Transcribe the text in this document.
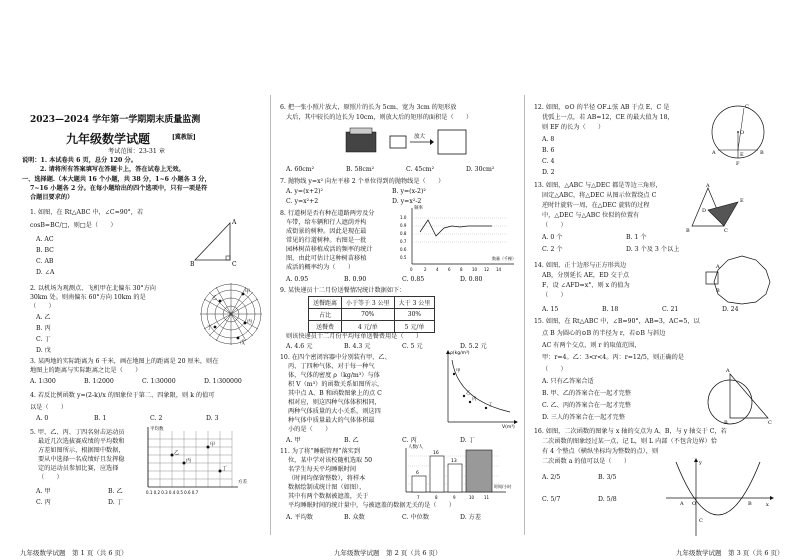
2023—2024 学年第一学期期末质量监测
九年级数学试题	[冀教版]
考试范围：23-31 章
说明：1. 本试卷共 6 页，总分 120 分。
2. 请将所有答案填写在答题卡上，答在试卷上无效。
一、选择题.（本大题共 16 个小题，共 38 分，1~6 小题各 3 分，
7~16 小题各 2 分。在每小题给出的四个选项中，只有一项是符
合题目要求的）
1. 如图，在 Rt△ABC 中，∠C=90°，若
cosB=BC/□，则□是（　　）
A. AC
B. BC
C. AB
D. ∠A
A
C
B
2. 以机场为观测点，飞机甲在北偏东 30°方向
30km 处。则南偏东 60°方向 10km 的是
（　　）
A. 乙
B. 丙
C. 丁
D. 戊
甲
乙
丙
丁
戊
3. 某两地的实际距离为 6 千米，画在地图上的距离是 20 厘米，则在
地图上的距离与实际距离之比是（　　）
A. 1∶300	B. 1∶2000	C. 1∶30000	D. 1∶300000
4. 若反比例函数 y=(2-k)/x 的图象位于第二、四象限，则 k 的值可
以是（　　）
A. 0	B. 1	C. 2	D. 3
5. 甲、乙、丙、丁四名射击运动员
最近几次选拔赛成绩的平均数和
方差如图所示，根据图中数据，
要从中选择一名成绩好且发挥稳
定的运动员参加比赛，应选择
（　　）
A. 甲	B. 乙
C. 丙	D. 丁
甲
乙
丙
丁
平均数
方差
0.1 0.2 0.3 0.4 0.5 0.6 0.7
九年级数学试题　第 1 页（共 6 页）
6. 把一张小照片放大，原照片的长为 5cm、宽为 3cm 的矩形放
大后，其中较长的边长为 10cm，则放大后的矩形的面积是（　　）
放大
A. 60cm²	B. 58cm²	C. 45cm²	D. 30cm²
7. 抛物线 y=x² 向左平移 2 个单位得到的抛物线是（　　）
A. y=(x+2)²	B. y=(x-2)²
C. y=x²+2	D. y=x²-2
8. 行道树是否有种在道路两旁及分
车带，给车辆和行人遮荫并构
成街景的树种。因此是现在最
常见的行道树种。右图是一批
园林树苗移植成活的频率的统计
图，由此可估计这种树苗移植
成活的概率约为（　　）
频率
1.0
0.9
0.8
0.7
0.6
0.5
0	2 4 6 8 10 12 14
数量（千棵）
A. 0.95	B. 0.90	C. 0.85	D. 0.80
9. 某快递员十二月份送餐情况统计数据如下：
送餐距离	小于等于 3 公里	大于 3 公里
占比	70%	30%
送餐费	4 元/单	5 元/单
则该快递员十二月份平均每单送餐费用是（　　）
A. 4.6 元	B. 4.3 元	C. 5 元	D. 5.2 元
10. 在四个密闭容器中分别装有甲、乙、
丙、丁四种气体，对于每一种气
体，气体的密度 ρ（kg/m³）与体
积 V（m³）的函数关系如图所示，
其中点 A、B 和函数图象上的点 C
相对应，则这四种气体体积相同，
两种气体质量的大小关系，则这四
种气体中质量最大的气体体积最
小的是（　　）
A. 甲	B. 乙	C. 丙	D. 丁
ρ(kg/m³)
V(m³)
甲
乙
丙
丁
11. 为了将“睡眠管理”落实到
位，某中学对该校随机选取 50
名学生每天平均睡眠时间
（时间均保留整数），将样本
数据绘制成统计图（如图），
其中有两个数据被遮盖，关于
平均睡眠时间的统计量中，与被遮盖的数据无关的是（　　）
A. 平均数	B. 众数	C. 中位数	D. 方差
人数/人
16
13
6
7	8	9	10 11
时间/小时
九年级数学试题　第 2 页（共 6 页）
12. 如图，⊙O 的半径 OF⊥弦 AB 于点 E，C 是
优弧上一点，若 AB=12，CE 的最大值为 18，
则 EF 的长为（　　）
A. 8
B. 6
C. 4
D. 2
C
O
A	B
E
F
13. 如图，△ABC 与△DEC 都是等边三角形，
固定△ABC，将△DEC 从图示位置绕点 C
逆时针旋转一周，在△DEC 旋转的过程
中，△DEC 与△ABC 位似的位置有
（　　）
A. 0 个	B. 1 个
C. 2 个	D. 3 个及 3 个以上
A
B	C
E
D
14. 如图，正十边形与正方形共边
AB，分别延长 AE，ED 交于点
F，设 ∠AFD=x°，则 x 的值为
（　　）
A. 15	B. 18	C. 21	D. 24
A
B
15. 如图，在 Rt△ABC 中，∠B=90°，AB=3，AC=5，以
点 B 为圆心的⊙B 的半径为 r，若⊙B 与斜边
AC 有两个交点，则 r 的取值范围，
甲：r=4。乙：3<r<4。丙：r=12/5，则正确的是
（　　）
A. 只有乙答案合适
B. 甲、乙的答案合在一起才完整
C. 乙、丙的答案合在一起才完整
D. 三人的答案合在一起才完整
A
B	C
16. 如图，二次函数的图象与 x 轴的交点为 A、B，与 y 轴交于 C，若
二次函数的图象经过某一点，记 L，则 L 内部（不包含边界）恰
有 4 个整点（横纵坐标均为整数的点），则
二次函数 a 的值可以是（　　）
A. 2/5	B. 3/5
C. 5/7	D. 5/8
A O	B
C
x
y
九年级数学试题　第 3 页（共 6 页）
